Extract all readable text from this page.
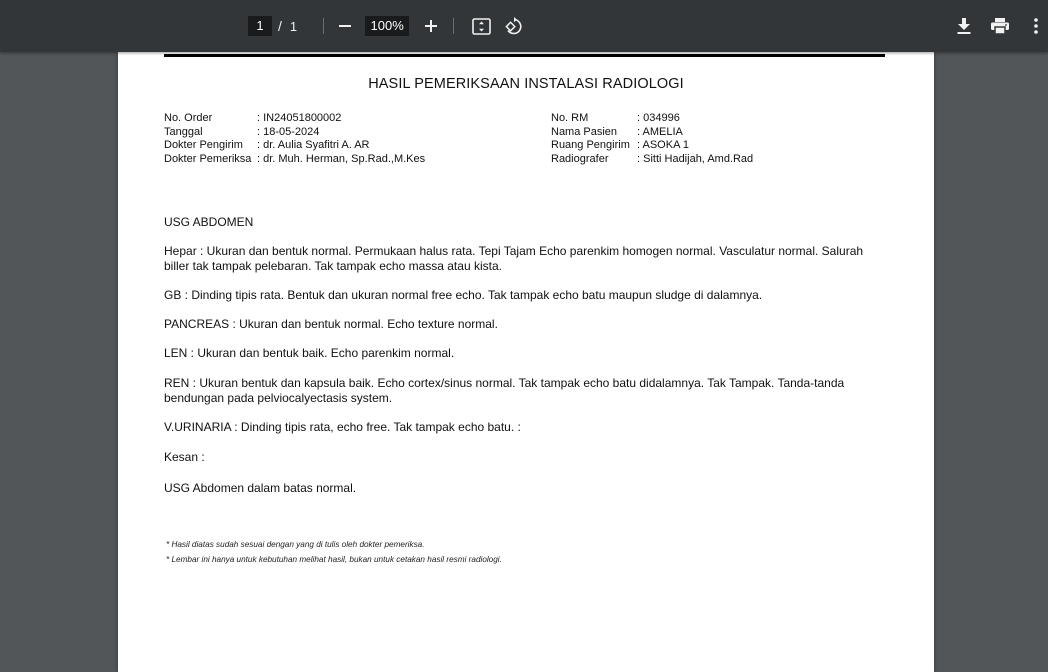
1
/ 1
100%
HASIL PEMERIKSAAN INSTALASI RADIOLOGI
No. Order	: IN24051800002
Tanggal	: 18-05-2024
Dokter Pengirim	: dr. Aulia Syafitri A. AR
Dokter Pemeriksa : dr. Muh. Herman, Sp.Rad.,M.Kes
No. RM	: 034996
Nama Pasien	: AMELIA
Ruang Pengirim : ASOKA 1
Radiografer	: Sitti Hadijah, Amd.Rad
USG ABDOMEN
Hepar : Ukuran dan bentuk normal. Permukaan halus rata. Tepi Tajam Echo parenkim homogen normal. Vasculatur normal. Salurah biller tak tampak pelebaran. Tak tampak echo massa atau kista.
GB : Dinding tipis rata. Bentuk dan ukuran normal free echo. Tak tampak echo batu maupun sludge di dalamnya.
PANCREAS : Ukuran dan bentuk normal. Echo texture normal.
LEN : Ukuran dan bentuk baik. Echo parenkim normal.
REN : Ukuran bentuk dan kapsula baik. Echo cortex/sinus normal. Tak tampak echo batu didalamnya. Tak Tampak. Tanda-tanda bendungan pada pelviocalyectasis system.
V.URINARIA : Dinding tipis rata, echo free. Tak tampak echo batu. :
Kesan :
USG Abdomen dalam batas normal.
* Hasil diatas sudah sesuai dengan yang di tulis oleh dokter pemeriksa.
* Lembar ini hanya untuk kebutuhan melihat hasil, bukan untuk cetakan hasil resmi radiologi.
